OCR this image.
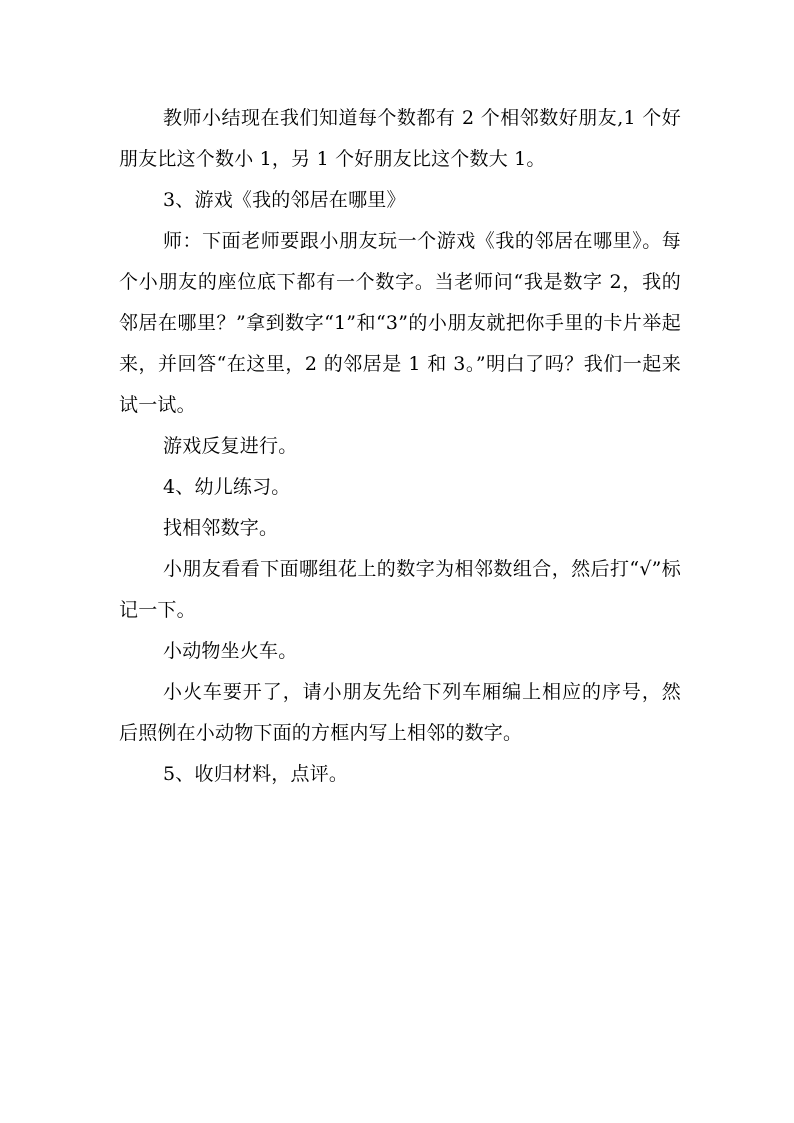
教师小结现在我们知道每个数都有 2 个相邻数好朋友,1 个好朋友比这个数小 1，另 1 个好朋友比这个数大 1。

3、游戏《我的邻居在哪里》

师：下面老师要跟小朋友玩一个游戏《我的邻居在哪里》。每个小朋友的座位底下都有一个数字。当老师问“我是数字 2，我的邻居在哪里？”拿到数字“1”和“3”的小朋友就把你手里的卡片举起来，并回答“在这里，2 的邻居是 1 和 3。”明白了吗？我们一起来试一试。

游戏反复进行。

4、幼儿练习。

找相邻数字。

小朋友看看下面哪组花上的数字为相邻数组合，然后打“√”标记一下。

小动物坐火车。

小火车要开了，请小朋友先给下列车厢编上相应的序号，然后照例在小动物下面的方框内写上相邻的数字。

5、收归材料，点评。
